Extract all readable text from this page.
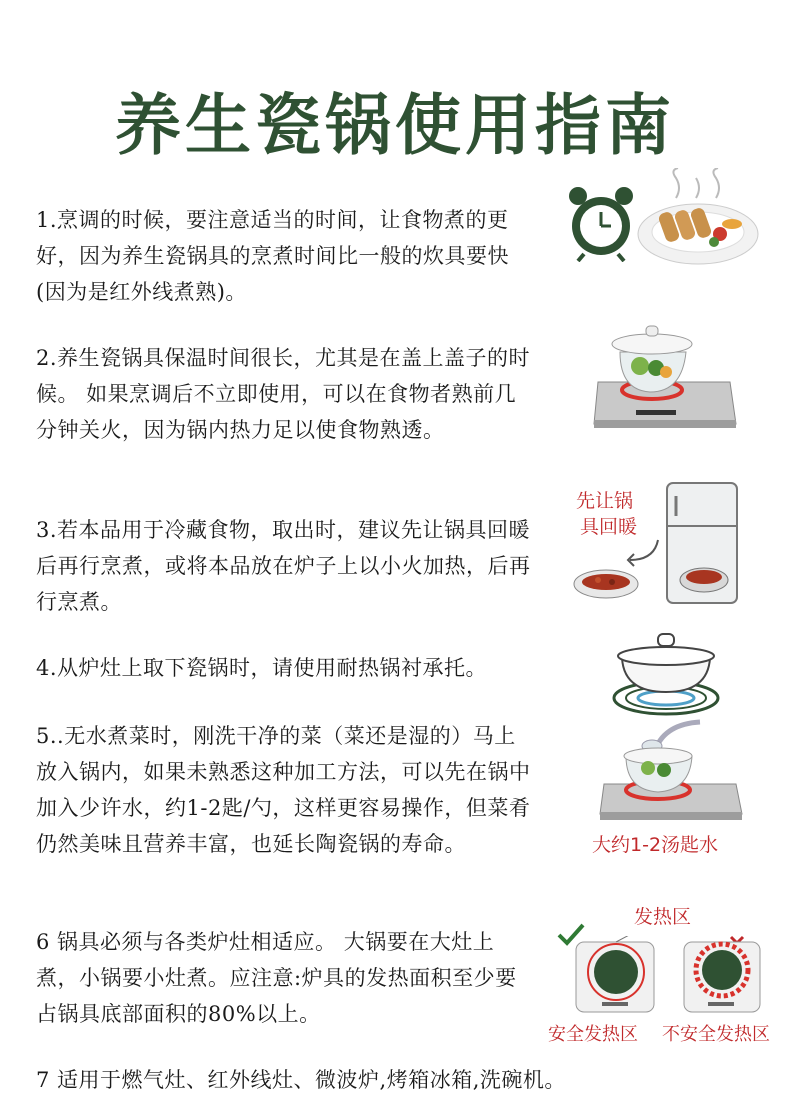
养生瓷锅使用指南
1.烹调的时候，要注意适当的时间，让食物煮的更好，因为养生瓷锅具的烹煮时间比一般的炊具要快(因为是红外线煮熟)。
2.养生瓷锅具保温时间很长，尤其是在盖上盖子的时候。 如果烹调后不立即使用，可以在食物者熟前几分钟关火，因为锅内热力足以使食物熟透。
3.若本品用于冷藏食物，取出时，建议先让锅具回暖后再行烹煮，或将本品放在炉子上以小火加热，后再行烹煮。
4.从炉灶上取下瓷锅时，请使用耐热锅衬承托。
5..无水煮菜时，刚洗干净的菜（菜还是湿的）马上放入锅内，如果未熟悉这种加工方法，可以先在锅中加入少许水，约1-2匙/勺，这样更容易操作，但菜肴仍然美味且营养丰富，也延长陶瓷锅的寿命。
6 锅具必须与各类炉灶相适应。 大锅要在大灶上煮，小锅要小灶煮。应注意:炉具的发热面积至少要占锅具底部面积的80%以上。
7 适用于燃气灶、红外线灶、微波炉,烤箱冰箱,洗碗机。
先让锅
具回暖
大约1-2汤匙水
发热区
安全发热区 不安全发热区
